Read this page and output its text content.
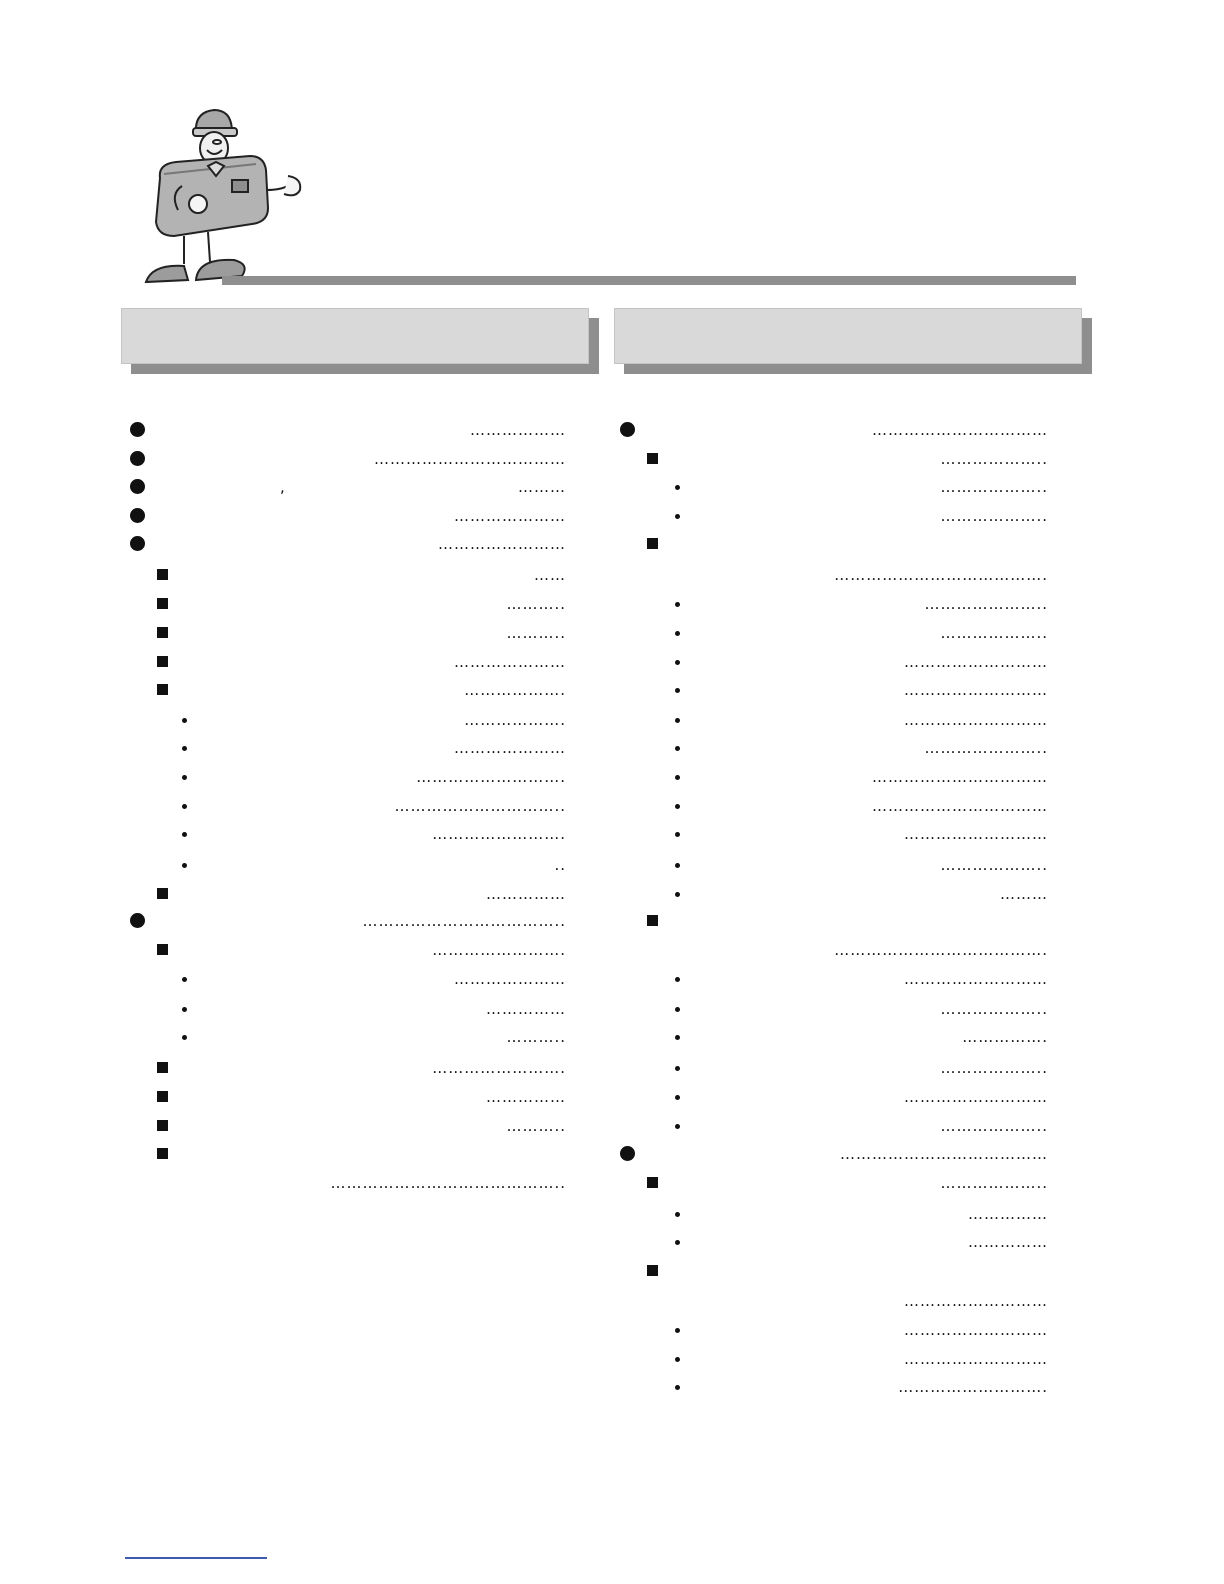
………………
………………………………
,	………
…………………
……………………
……
………..
………..
…………………
……………….
……………….
…………………
……………………….
…………………………..
…………………….
..
……………
………………………………..
…………………….
…………………
……………
………..
…………………….
……………
………..
……………………………………..
……………………………
………………..
………………..
………………..
………………………………….
…………………..
………………..
………………………
………………………
………………………
…………………..
……………………………
……………………………
………………………
………………..
………
………………………………….
………………………
………………..
…………….
………………..
………………………
………………..
…………………………………
………………..
……………
……………
………………………
………………………
………………………
……………………….
